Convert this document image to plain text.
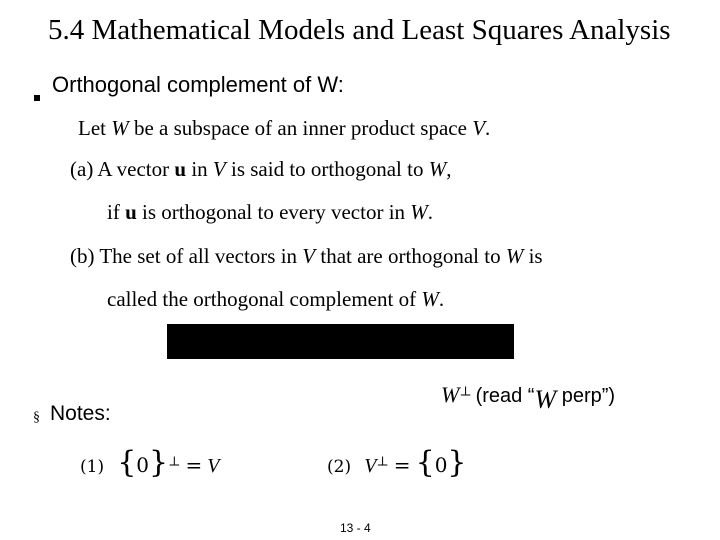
5.4 Mathematical Models and Least Squares Analysis
Orthogonal complement of W:
Let W be a subspace of an inner product space V.
(a) A vector u in V is said to orthogonal to W,
if u is orthogonal to every vector in W.
(b) The set of all vectors in V that are orthogonal to W is
called the orthogonal complement of W.
W⊥ (read “W perp”)
§ Notes:
(1) {0}⊥ = V	(2) V⊥ = {0}
13 - 4
